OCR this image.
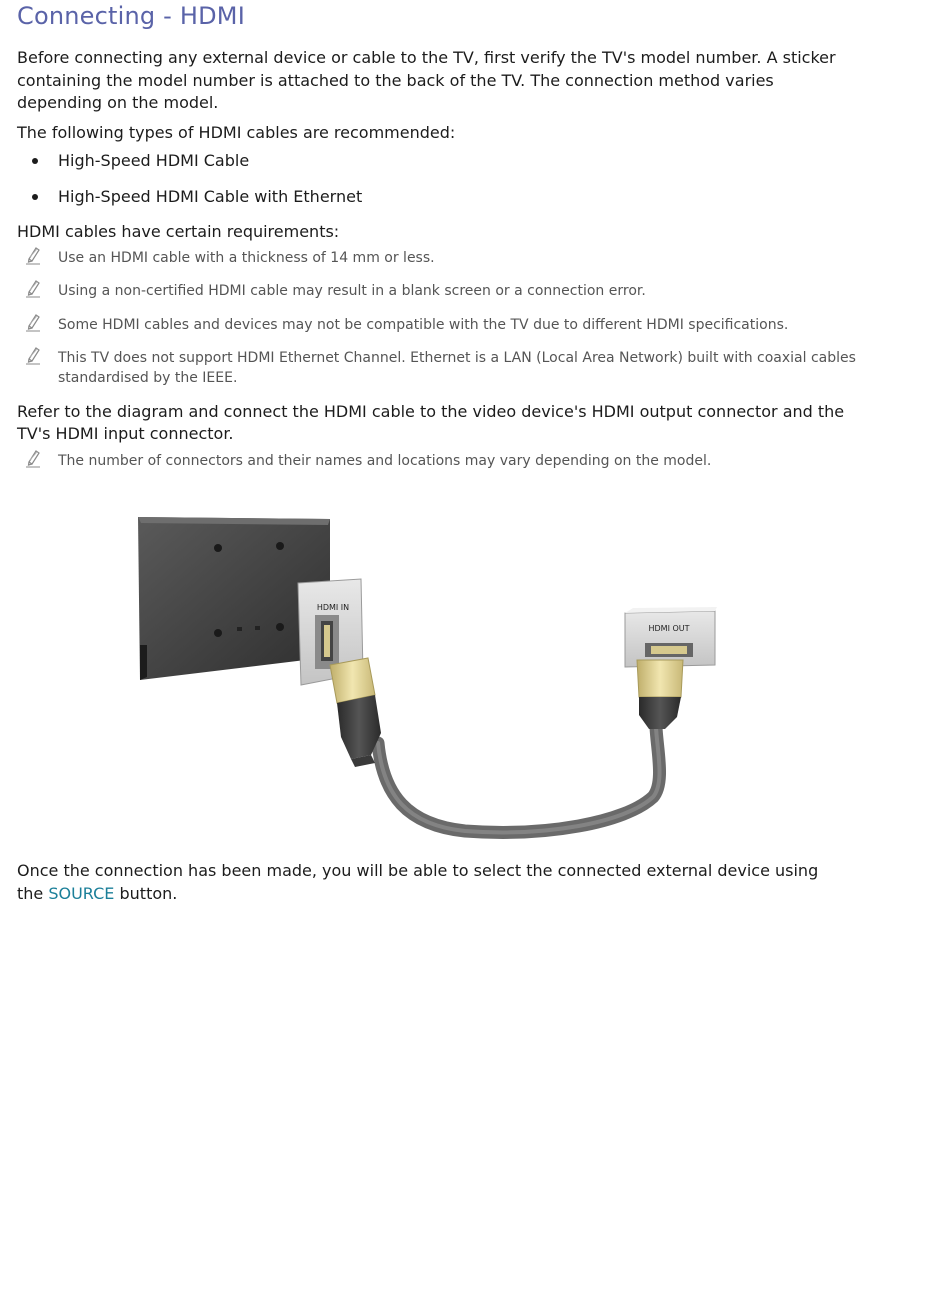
Connecting - HDMI

Before connecting any external device or cable to the TV, first verify the TV's model number. A sticker containing the model number is attached to the back of the TV. The connection method varies depending on the model.

The following types of HDMI cables are recommended:

High-Speed HDMI Cable
High-Speed HDMI Cable with Ethernet

HDMI cables have certain requirements:

Use an HDMI cable with a thickness of 14 mm or less.
Using a non-certified HDMI cable may result in a blank screen or a connection error.
Some HDMI cables and devices may not be compatible with the TV due to different HDMI specifications.
This TV does not support HDMI Ethernet Channel. Ethernet is a LAN (Local Area Network) built with coaxial cables standardised by the IEEE.

Refer to the diagram and connect the HDMI cable to the video device's HDMI output connector and the TV's HDMI input connector.

The number of connectors and their names and locations may vary depending on the model.

Once the connection has been made, you will be able to select the connected external device using the SOURCE button.

HDMI IN
HDMI OUT
